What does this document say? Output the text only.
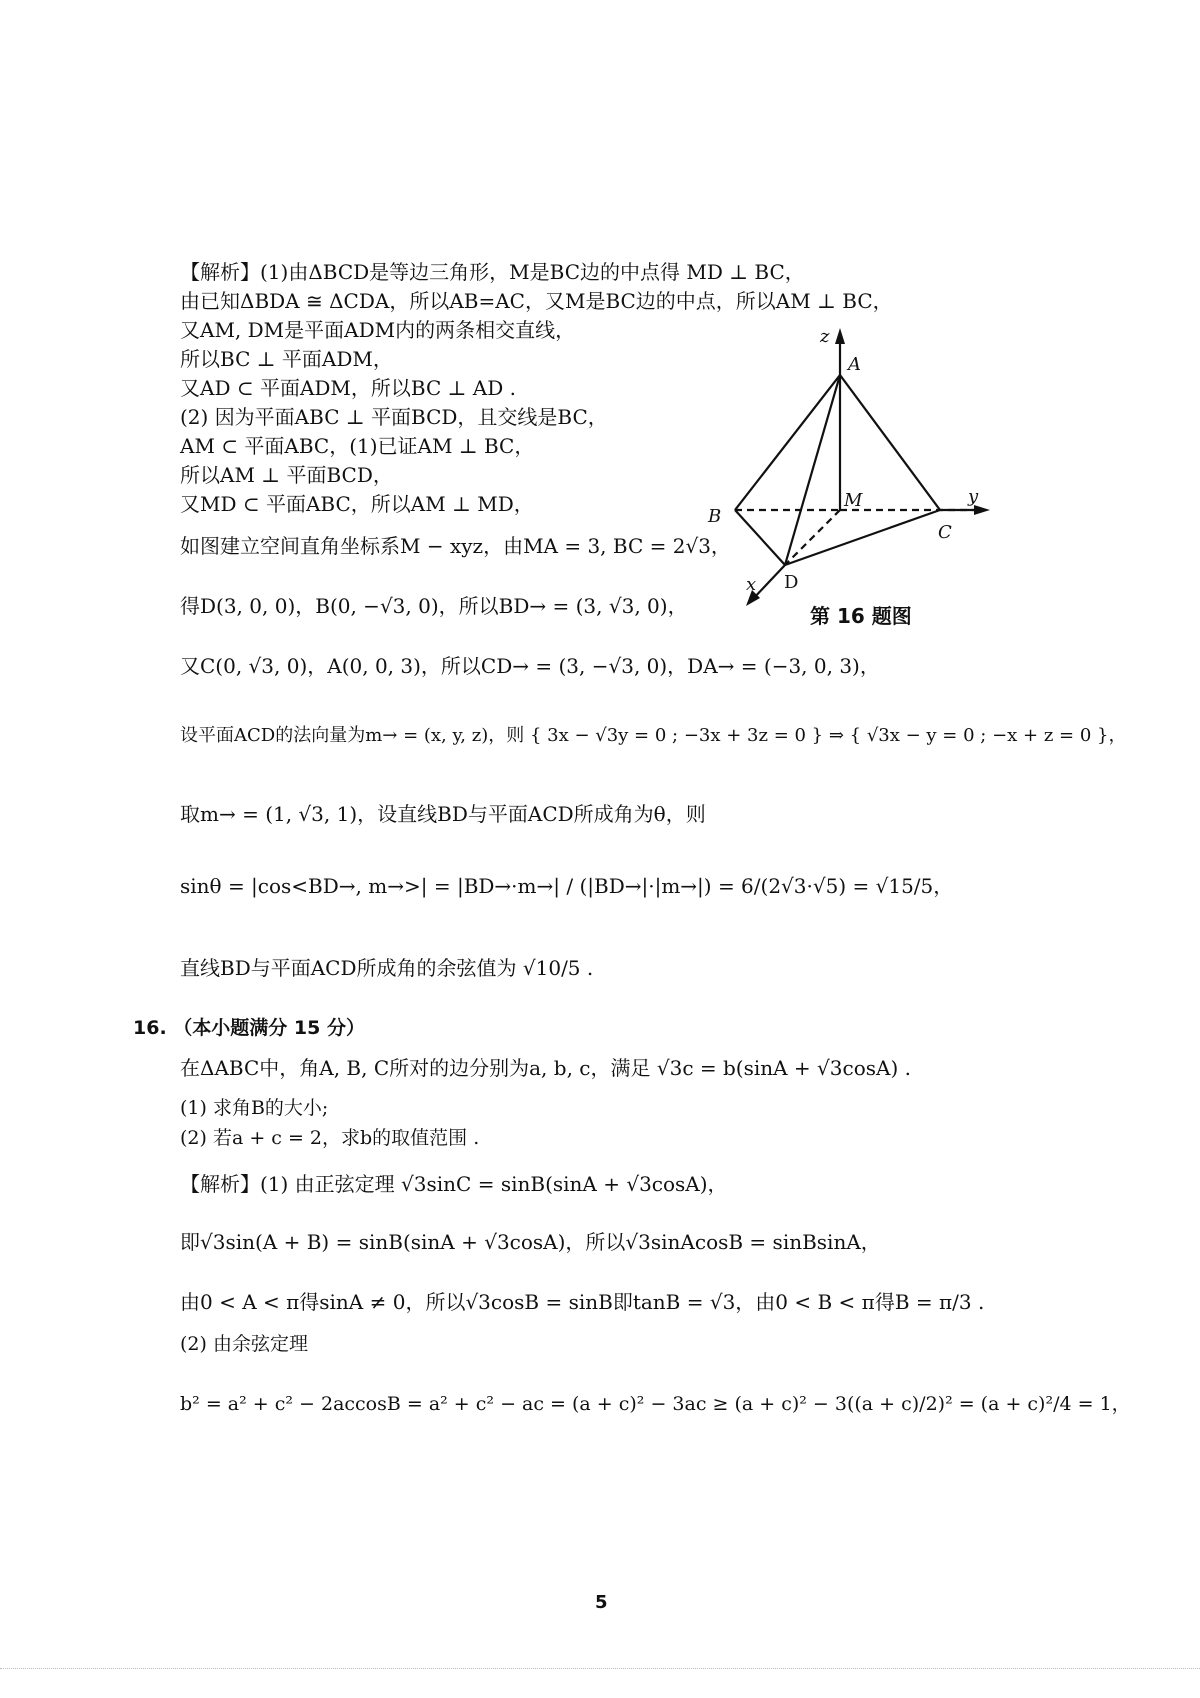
【解析】(1)由ΔBCD是等边三角形，M是BC边的中点得 MD ⊥ BC，
由已知ΔBDA ≅ ΔCDA，所以AB=AC，又M是BC边的中点，所以AM ⊥ BC，
又AM, DM是平面ADM内的两条相交直线，
所以BC ⊥ 平面ADM，
又AD ⊂ 平面ADM，所以BC ⊥ AD .
(2) 因为平面ABC ⊥ 平面BCD，且交线是BC，
AM ⊂ 平面ABC，(1)已证AM ⊥ BC，
所以AM ⊥ 平面BCD，
又MD ⊂ 平面ABC，所以AM ⊥ MD，
如图建立空间直角坐标系M − xyz，由MA = 3, BC = 2√3，
得D(3, 0, 0)，B(0, −√3, 0)，所以BD→ = (3, √3, 0)，
又C(0, √3, 0)，A(0, 0, 3)，所以CD→ = (3, −√3, 0)，DA→ = (−3, 0, 3)，
设平面ACD的法向量为m→ = (x, y, z)，则 { 3x − √3y = 0 ; −3x + 3z = 0 } ⇒ { √3x − y = 0 ; −x + z = 0 }，
取m→ = (1, √3, 1)，设直线BD与平面ACD所成角为θ，则
sinθ = |cos<BD→, m→>| = |BD→·m→| / (|BD→|·|m→|) = 6/(2√3·√5) = √15/5，
直线BD与平面ACD所成角的余弦值为 √10/5 .
z
A
B
C
D
M	y
x
第 16 题图
16. （本小题满分 15 分）
在ΔABC中，角A, B, C所对的边分别为a, b, c，满足 √3c = b(sinA + √3cosA) .
(1) 求角B的大小;
(2) 若a + c = 2，求b的取值范围 .
【解析】(1) 由正弦定理 √3sinC = sinB(sinA + √3cosA)，
即√3sin(A + B) = sinB(sinA + √3cosA)，所以√3sinAcosB = sinBsinA，
由0 < A < π得sinA ≠ 0，所以√3cosB = sinB即tanB = √3，由0 < B < π得B = π/3 .
(2) 由余弦定理
b² = a² + c² − 2accosB = a² + c² − ac = (a + c)² − 3ac ≥ (a + c)² − 3((a + c)/2)² = (a + c)²/4 = 1，
5
